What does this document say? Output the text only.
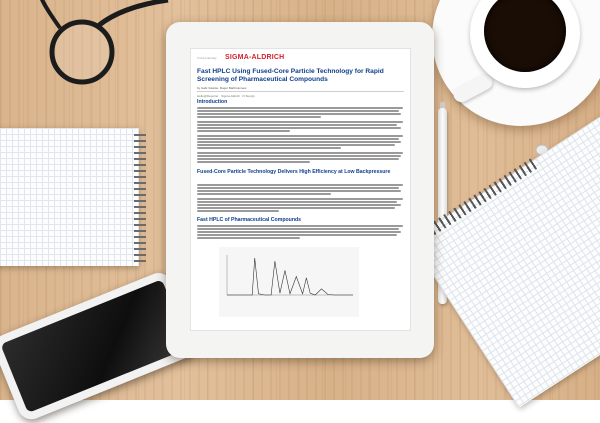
In the Intensity SIGMA-ALDRICH
Fast HPLC Using Fused-Core Particle Technology for Rapid Screening of Pharmaceutical Compounds
by Gabi Volante, Roger Bartholomew
Hello@Reporter · Sigma-Aldrich · N Supply
Introduction
Fused-Core Particle Technology Delivers High Efficiency at Low Backpressure
Fast HPLC of Pharmaceutical Compounds
